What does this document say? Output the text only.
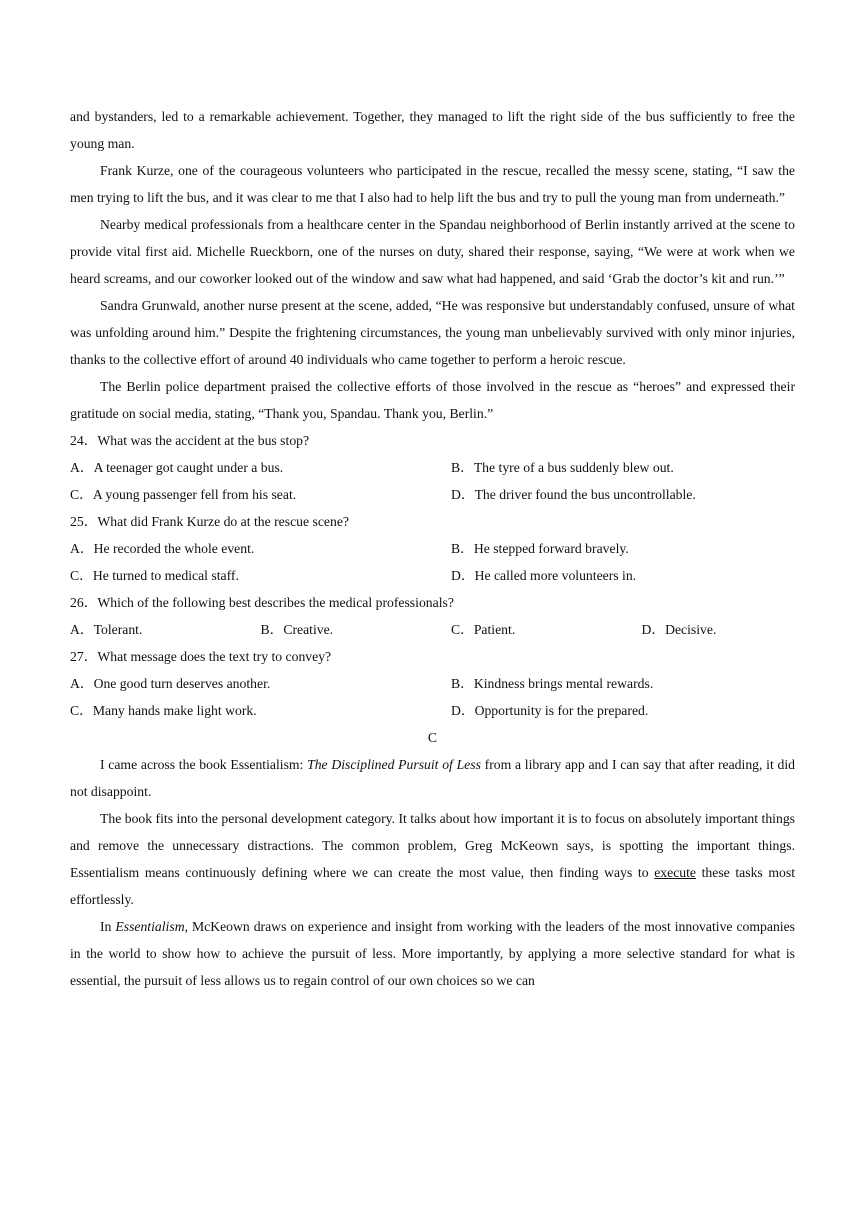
and bystanders, led to a remarkable achievement. Together, they managed to lift the right side of the bus sufficiently to free the young man.

Frank Kurze, one of the courageous volunteers who participated in the rescue, recalled the messy scene, stating, “I saw the men trying to lift the bus, and it was clear to me that I also had to help lift the bus and try to pull the young man from underneath.”

Nearby medical professionals from a healthcare center in the Spandau neighborhood of Berlin instantly arrived at the scene to provide vital first aid. Michelle Rueckborn, one of the nurses on duty, shared their response, saying, “We were at work when we heard screams, and our coworker looked out of the window and saw what had happened, and said ‘Grab the doctor’s kit and run.’”

Sandra Grunwald, another nurse present at the scene, added, “He was responsive but understandably confused, unsure of what was unfolding around him.” Despite the frightening circumstances, the young man unbelievably survived with only minor injuries, thanks to the collective effort of around 40 individuals who came together to perform a heroic rescue.

The Berlin police department praised the collective efforts of those involved in the rescue as “heroes” and expressed their gratitude on social media, stating, “Thank you, Spandau. Thank you, Berlin.”

24．What was the accident at the bus stop?

A．A teenager got caught under a bus.	B．The tyre of a bus suddenly blew out.
C．A young passenger fell from his seat.	D．The driver found the bus uncontrollable.

25．What did Frank Kurze do at the rescue scene?

A．He recorded the whole event.	B．He stepped forward bravely.
C．He turned to medical staff.	D．He called more volunteers in.

26．Which of the following best describes the medical professionals?

A．Tolerant.	B．Creative.	C．Patient.	D．Decisive.

27．What message does the text try to convey?

A．One good turn deserves another.	B．Kindness brings mental rewards.
C．Many hands make light work.	D．Opportunity is for the prepared.

C

I came across the book Essentialism: The Disciplined Pursuit of Less from a library app and I can say that after reading, it did not disappoint.

The book fits into the personal development category. It talks about how important it is to focus on absolutely important things and remove the unnecessary distractions. The common problem, Greg McKeown says, is spotting the important things. Essentialism means continuously defining where we can create the most value, then finding ways to execute these tasks most effortlessly.

In Essentialism, McKeown draws on experience and insight from working with the leaders of the most innovative companies in the world to show how to achieve the pursuit of less. More importantly, by applying a more selective standard for what is essential, the pursuit of less allows us to regain control of our own choices so we can
